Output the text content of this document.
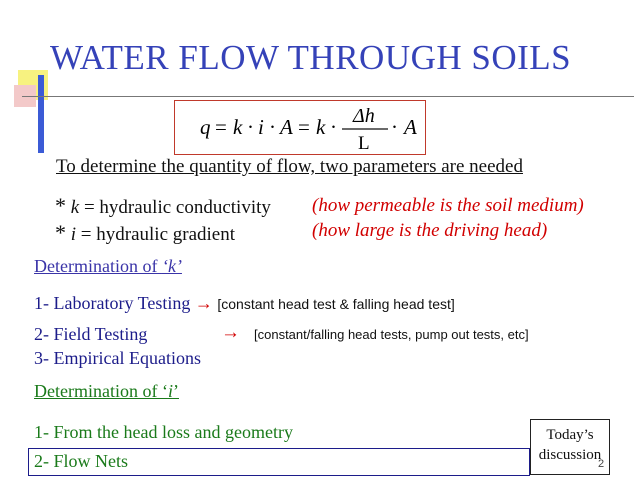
WATER FLOW THROUGH SOILS
q = k · i · A = k · Δh
L
· A
To determine the quantity of flow, two parameters are needed
* k = hydraulic conductivity (how permeable is the soil medium)
* i = hydraulic gradient	(how large is the driving head)
Determination of ‘k’
1- Laboratory Testing → [constant head test & falling head test]
2- Field Testing	→ [constant/falling head tests, pump out tests, etc]
3- Empirical Equations
Determination of ‘i’
1- From the head loss and geometry
2- Flow Nets
Today’s
discussion
2
